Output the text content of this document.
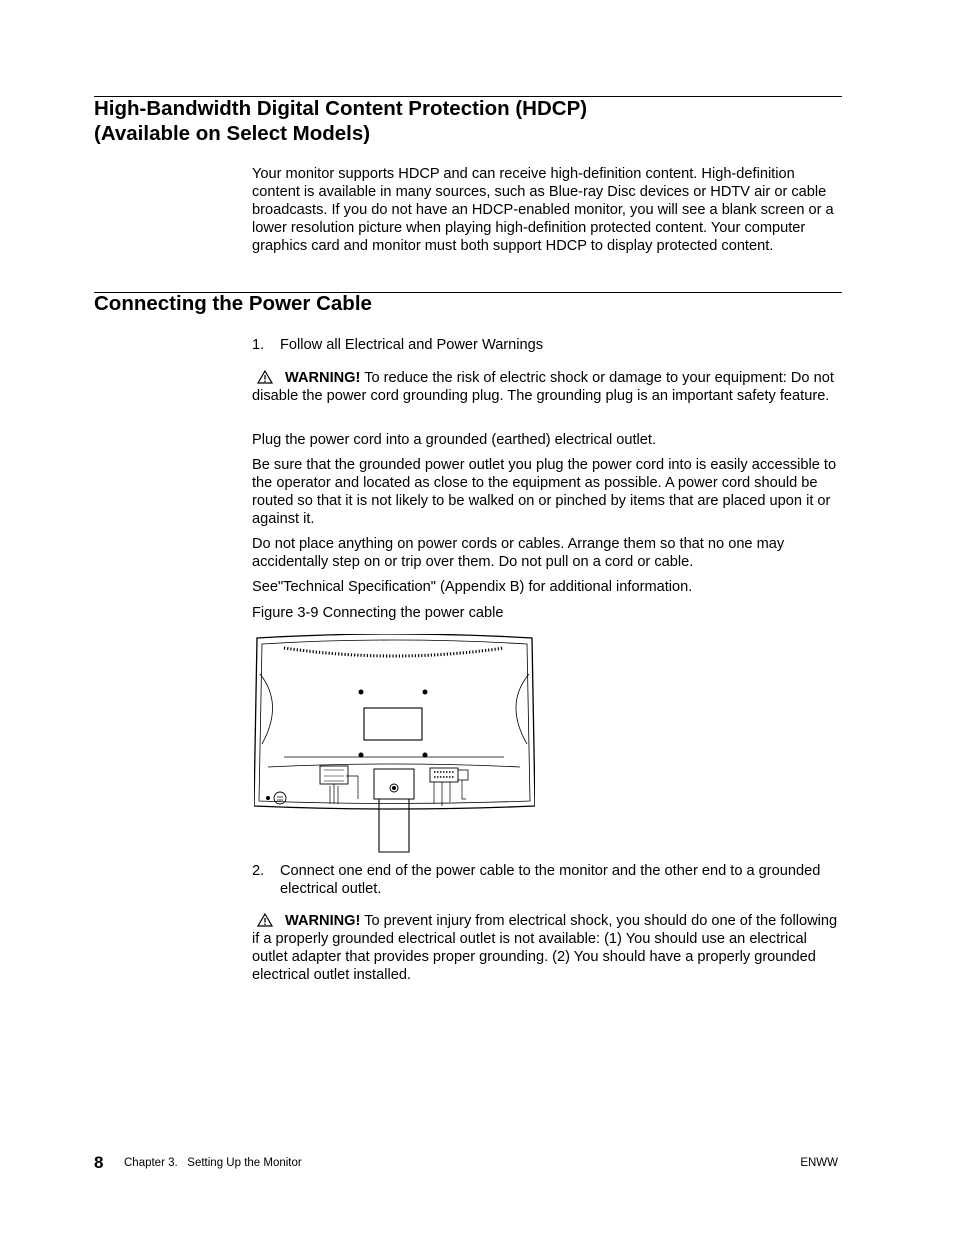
High-Bandwidth Digital Content Protection (HDCP)
(Available on Select Models)

Your monitor supports HDCP and can receive high-definition content. High-definition content is available in many sources, such as Blue-ray Disc devices or HDTV air or cable broadcasts. If you do not have an HDCP-enabled monitor, you will see a blank screen or a lower resolution picture when playing high-definition protected content. Your computer graphics card and monitor must both support HDCP to display protected content.

Connecting the Power Cable
1.	Follow all Electrical and Power Warnings

WARNING! To reduce the risk of electric shock or damage to your equipment: Do not disable the power cord grounding plug. The grounding plug is an important safety feature.

Plug the power cord into a grounded (earthed) electrical outlet.

Be sure that the grounded power outlet you plug the power cord into is easily accessible to the operator and located as close to the equipment as possible. A power cord should be routed so that it is not likely to be walked on or pinched by items that are placed upon it or against it.

Do not place anything on power cords or cables. Arrange them so that no one may accidentally step on or trip over them. Do not pull on a cord or cable.

See"Technical Specification" (Appendix B) for additional information.

Figure 3-9 Connecting the power cable

2.	Connect one end of the power cable to the monitor and the other end to a grounded electrical outlet.

WARNING! To prevent injury from electrical shock, you should do one of the following if a properly grounded electrical outlet is not available: (1) You should use an electrical outlet adapter that provides proper grounding. (2) You should have a properly grounded electrical outlet installed.

8 Chapter 3. Setting Up the Monitor	ENWW
